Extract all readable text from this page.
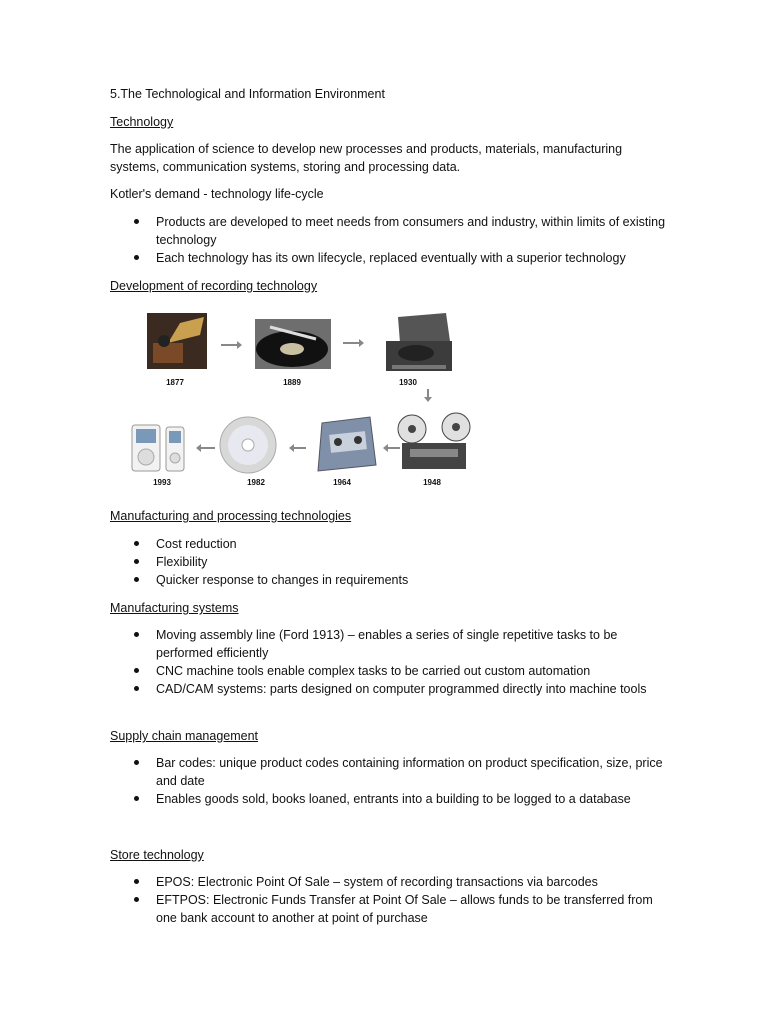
5.The Technological and Information Environment

Technology

The application of science to develop new processes and products, materials, manufacturing systems, communication systems, storing and processing data.

Kotler's demand - technology life-cycle

Products are developed to meet needs from consumers and industry, within limits of existing technology
Each technology has its own lifecycle, replaced eventually with a superior technology

Development of recording technology

1877	1889	1930
1993	1982	1964	1948

Manufacturing and processing technologies

Cost reduction
Flexibility
Quicker response to changes in requirements

Manufacturing systems

Moving assembly line (Ford 1913) – enables a series of single repetitive tasks to be performed efficiently
CNC machine tools enable complex tasks to be carried out custom automation
CAD/CAM systems: parts designed on computer programmed directly into machine tools

Supply chain management

Bar codes: unique product codes containing information on product specification, size, price and date
Enables goods sold, books loaned, entrants into a building to be logged to a database

Store technology

EPOS: Electronic Point Of Sale – system of recording transactions via barcodes
EFTPOS: Electronic Funds Transfer at Point Of Sale – allows funds to be transferred from one bank account to another at point of purchase
